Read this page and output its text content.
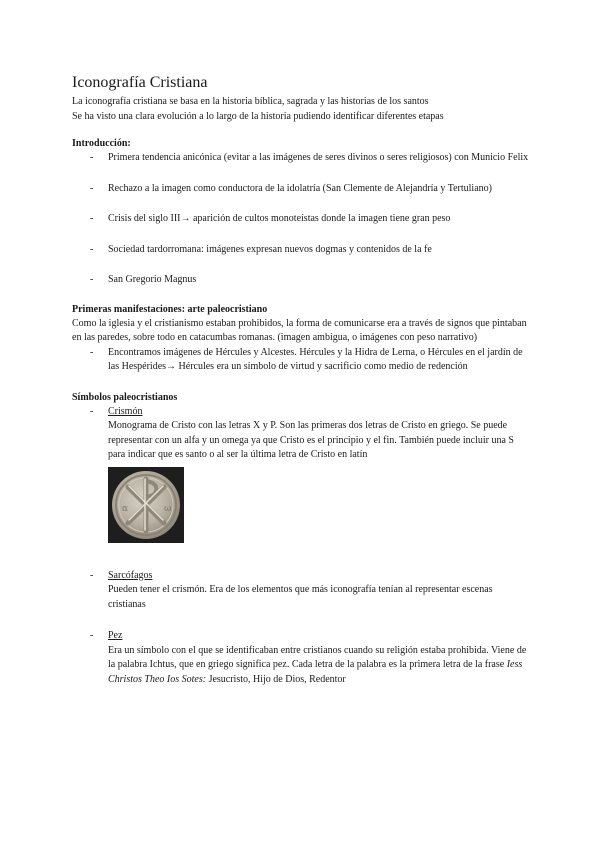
Iconografía Cristiana

La iconografía cristiana se basa en la historia bíblica, sagrada y las historias de los santos

Se ha visto una clara evolución a lo largo de la historia pudiendo identificar diferentes etapas

Introducción:

- Primera tendencia anicónica (evitar a las imágenes de seres divinos o seres religiosos) con Municio Felix
- Rechazo a la imagen como conductora de la idolatría (San Clemente de Alejandría y Tertuliano)
- Crisis del siglo III→ aparición de cultos monoteístas donde la imagen tiene gran peso
- Sociedad tardorromana: imágenes expresan nuevos dogmas y contenidos de la fe
- San Gregorio Magnus

Primeras manifestaciones: arte paleocristiano

Como la iglesia y el cristianismo estaban prohibidos, la forma de comunicarse era a través de signos que pintaban en las paredes, sobre todo en catacumbas romanas. (imagen ambigua, o imágenes con peso narrativo)

- Encontramos imágenes de Hércules y Alcestes. Hércules y la Hidra de Lerna, o Hércules en el jardín de las Hespérides→ Hércules era un símbolo de virtud y sacrificio como medio de redención

Símbolos paleocristianos

- Crismón
Monograma de Cristo con las letras X y P. Son las primeras dos letras de Cristo en griego. Se puede representar con un alfa y un omega ya que Cristo es el principio y el fin. También puede incluir una S para indicar que es santo o al ser la última letra de Cristo en latín
α	ω
- Sarcófagos
Pueden tener el crismón. Era de los elementos que más iconografía tenían al representar escenas cristianas
- Pez
Era un símbolo con el que se identificaban entre cristianos cuando su religión estaba prohibida. Viene de la palabra Ichtus, que en griego significa pez. Cada letra de la palabra es la primera letra de la frase Iess Christos Theo Ios Sotes: Jesucristo, Hijo de Dios, Redentor
